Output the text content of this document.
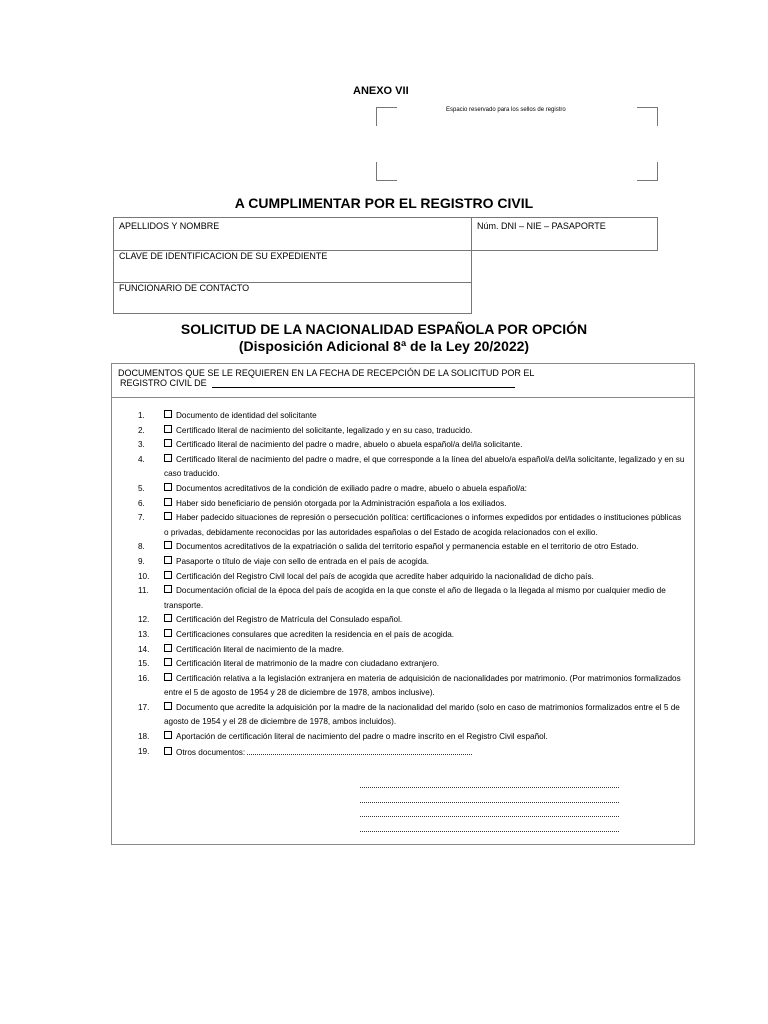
ANEXO VII
Espacio reservado para los sellos de registro
A CUMPLIMENTAR POR EL REGISTRO CIVIL
APELLIDOS Y NOMBRE	Núm. DNI – NIE – PASAPORTE
CLAVE DE IDENTIFICACION DE SU EXPEDIENTE
FUNCIONARIO DE CONTACTO
SOLICITUD DE LA NACIONALIDAD ESPAÑOLA POR OPCIÓN
(Disposición Adicional 8ª de la Ley 20/2022)
DOCUMENTOS QUE SE LE REQUIEREN EN LA FECHA DE RECEPCIÓN DE LA SOLICITUD POR EL
REGISTRO CIVIL DE
1.	Documento de identidad del solicitante
2.	Certificado literal de nacimiento del solicitante, legalizado y en su caso, traducido.
3.	Certificado literal de nacimiento del padre o madre, abuelo o abuela español/a del/la solicitante.
4.	Certificado literal de nacimiento del padre o madre, el que corresponde a la línea del abuelo/a español/a del/la solicitante, legalizado y en su caso traducido.
5.	Documentos acreditativos de la condición de exiliado padre o madre, abuelo o abuela español/a:
6.	Haber sido beneficiario de pensión otorgada por la Administración española a los exiliados.
7.	Haber padecido situaciones de represión o persecución política: certificaciones o informes expedidos por entidades o instituciones públicas o privadas, debidamente reconocidas por las autoridades españolas o del Estado de acogida relacionados con el exilio.
8.	Documentos acreditativos de la expatriación o salida del territorio español y permanencia estable en el territorio de otro Estado.
9.	Pasaporte o título de viaje con sello de entrada en el país de acogida.
10.	Certificación del Registro Civil local del país de acogida que acredite haber adquirido la nacionalidad de dicho país.
11.	Documentación oficial de la época del país de acogida en la que conste el año de llegada o la llegada al mismo por cualquier medio de transporte.
12.	Certificación del Registro de Matrícula del Consulado español.
13.	Certificaciones consulares que acrediten la residencia en el país de acogida.
14.	Certificación literal de nacimiento de la madre.
15.	Certificación literal de matrimonio de la madre con ciudadano extranjero.
16.	Certificación relativa a la legislación extranjera en materia de adquisición de nacionalidades por matrimonio. (Por matrimonios formalizados entre el 5 de agosto de 1954 y 28 de diciembre de 1978, ambos inclusive).
17.	Documento que acredite la adquisición por la madre de la nacionalidad del marido (solo en caso de matrimonios formalizados entre el 5 de agosto de 1954 y el 28 de diciembre de 1978, ambos incluidos).
18.	Aportación de certificación literal de nacimiento del padre o madre inscrito en el Registro Civil español.
19.	Otros documentos:
